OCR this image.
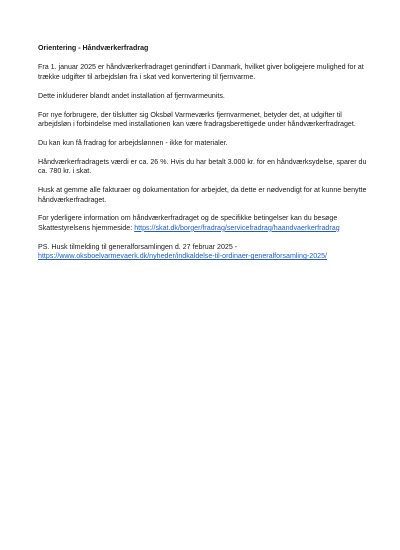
Orientering - Håndværkerfradrag

Fra 1. januar 2025 er håndværkerfradraget genindført i Danmark, hvilket giver boligejere mulighed for at trække udgifter til arbejdsløn fra i skat ved konvertering til fjernvarme.

Dette inkluderer blandt andet installation af fjernvarmeunits.

For nye forbrugere, der tilslutter sig Oksbøl Varmeværks fjernvarmenet, betyder det, at udgifter til arbejdsløn i forbindelse med installationen kan være fradragsberettigede under håndværkerfradraget.

Du kan kun få fradrag for arbejdslønnen - ikke for materialer.

Håndværkerfradragets værdi er ca. 26 %. Hvis du har betalt 3.000 kr. for en håndværksydelse, sparer du ca. 780 kr. i skat.

Husk at gemme alle fakturaer og dokumentation for arbejdet, da dette er nødvendigt for at kunne benytte håndværkerfradraget.

For yderligere information om håndværkerfradraget og de specifikke betingelser kan du besøge Skattestyrelsens hjemmeside: https://skat.dk/borger/fradrag/servicefradrag/haandvaerkerfradrag

PS. Husk tilmelding til generalforsamlingen d. 27 februar 2025 - https://www.oksboelvarmevaerk.dk/nyheder/indkaldelse-til-ordinaer-generalforsamling-2025/
